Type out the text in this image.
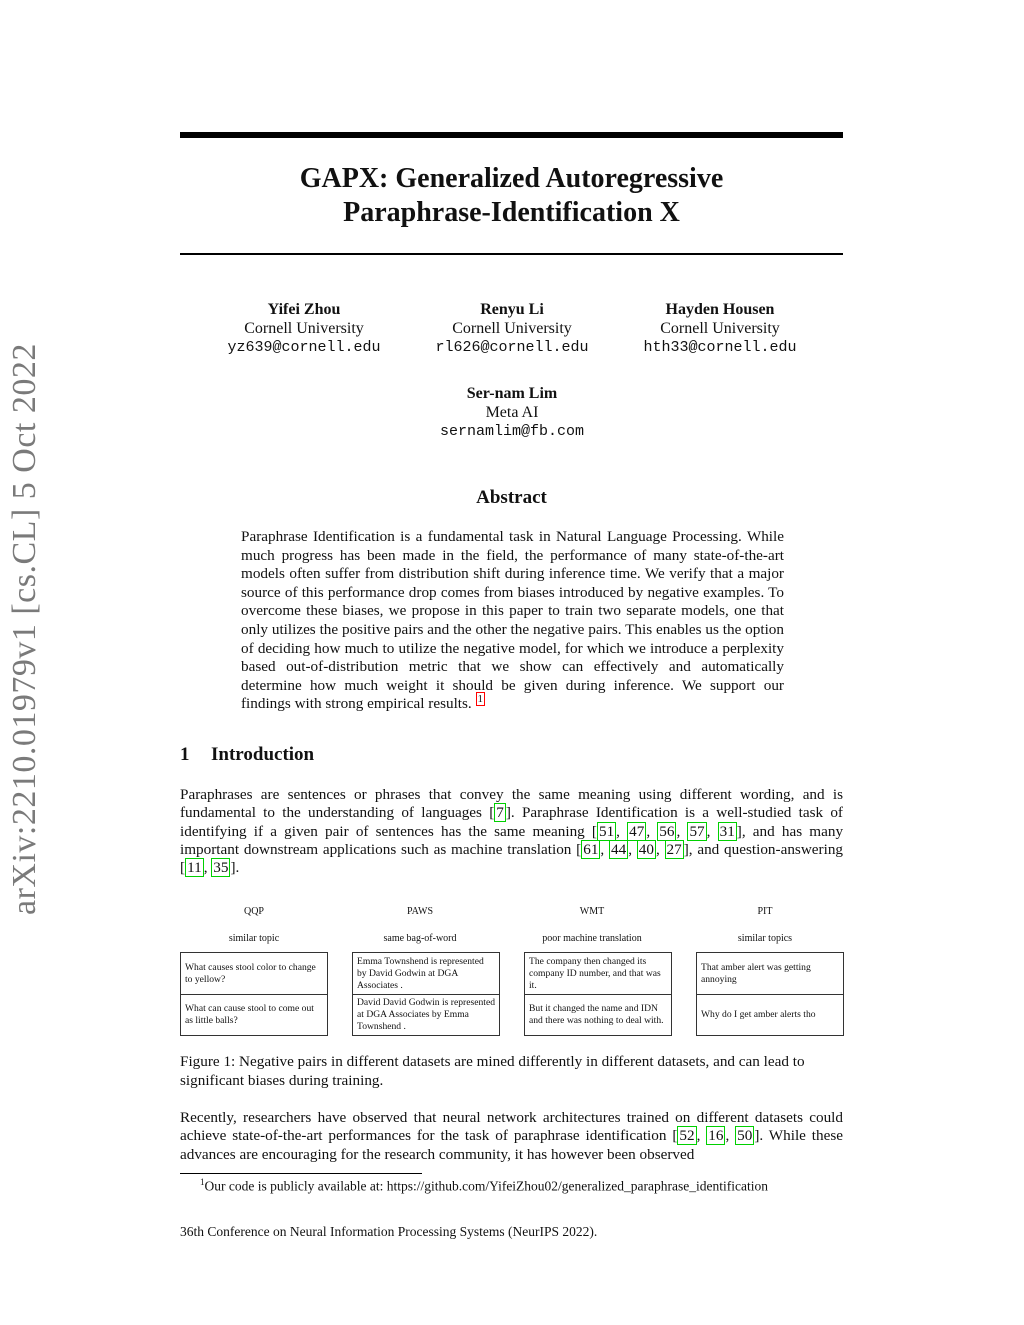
arXiv:2210.01979v1 [cs.CL] 5 Oct 2022
GAPX: Generalized Autoregressive
Paraphrase-Identification X
Yifei Zhou
Cornell University
yz639@cornell.edu
Renyu Li
Cornell University
rl626@cornell.edu
Hayden Housen
Cornell University
hth33@cornell.edu
Ser-nam Lim
Meta AI
sernamlim@fb.com
Abstract
Paraphrase Identification is a fundamental task in Natural Language Processing. While much progress has been made in the field, the performance of many state-of-the-art models often suffer from distribution shift during inference time. We verify that a major source of this performance drop comes from biases introduced by negative examples. To overcome these biases, we propose in this paper to train two separate models, one that only utilizes the positive pairs and the other the negative pairs. This enables us the option of deciding how much to utilize the negative model, for which we introduce a perplexity based out-of-distribution metric that we show can effectively and automatically determine how much weight it should be given during inference. We support our findings with strong empirical results. $^1$
1 Introduction
Paraphrases are sentences or phrases that convey the same meaning using different wording, and is fundamental to the understanding of languages [ 7 ]. Paraphrase Identification is a well-studied task of identifying if a given pair of sentences has the same meaning [ 51 , 47 , 56 , 57 , 31 ], and has many important downstream applications such as machine translation [ 61 , 44 , 40 , 27 ], and question-answering [ 11 , 35 ].
QQP
similar topic
What causes stool color to change to yellow?
What can cause stool to come out as little balls?
PAWS
same bag-of-word
Emma Townshend is represented by David Godwin at DGA Associates .
David David Godwin is represented at DGA Associates by Emma Townshend .
WMT
poor machine translation
The company then changed its company ID number, and that was it.
But it changed the name and IDN and there was nothing to deal with.
PIT
similar topics
That amber alert was getting annoying
Why do I get amber alerts tho
Figure 1: Negative pairs in different datasets are mined differently in different datasets, and can lead to significant biases during training.
Recently, researchers have observed that neural network architectures trained on different datasets could achieve state-of-the-art performances for the task of paraphrase identification [ 52 , 16 , 50 ]. While these advances are encouraging for the research community, it has however been observed
$^1$Our code is publicly available at: https://github.com/YifeiZhou02/generalized_paraphrase_identification
36th Conference on Neural Information Processing Systems (NeurIPS 2022).
